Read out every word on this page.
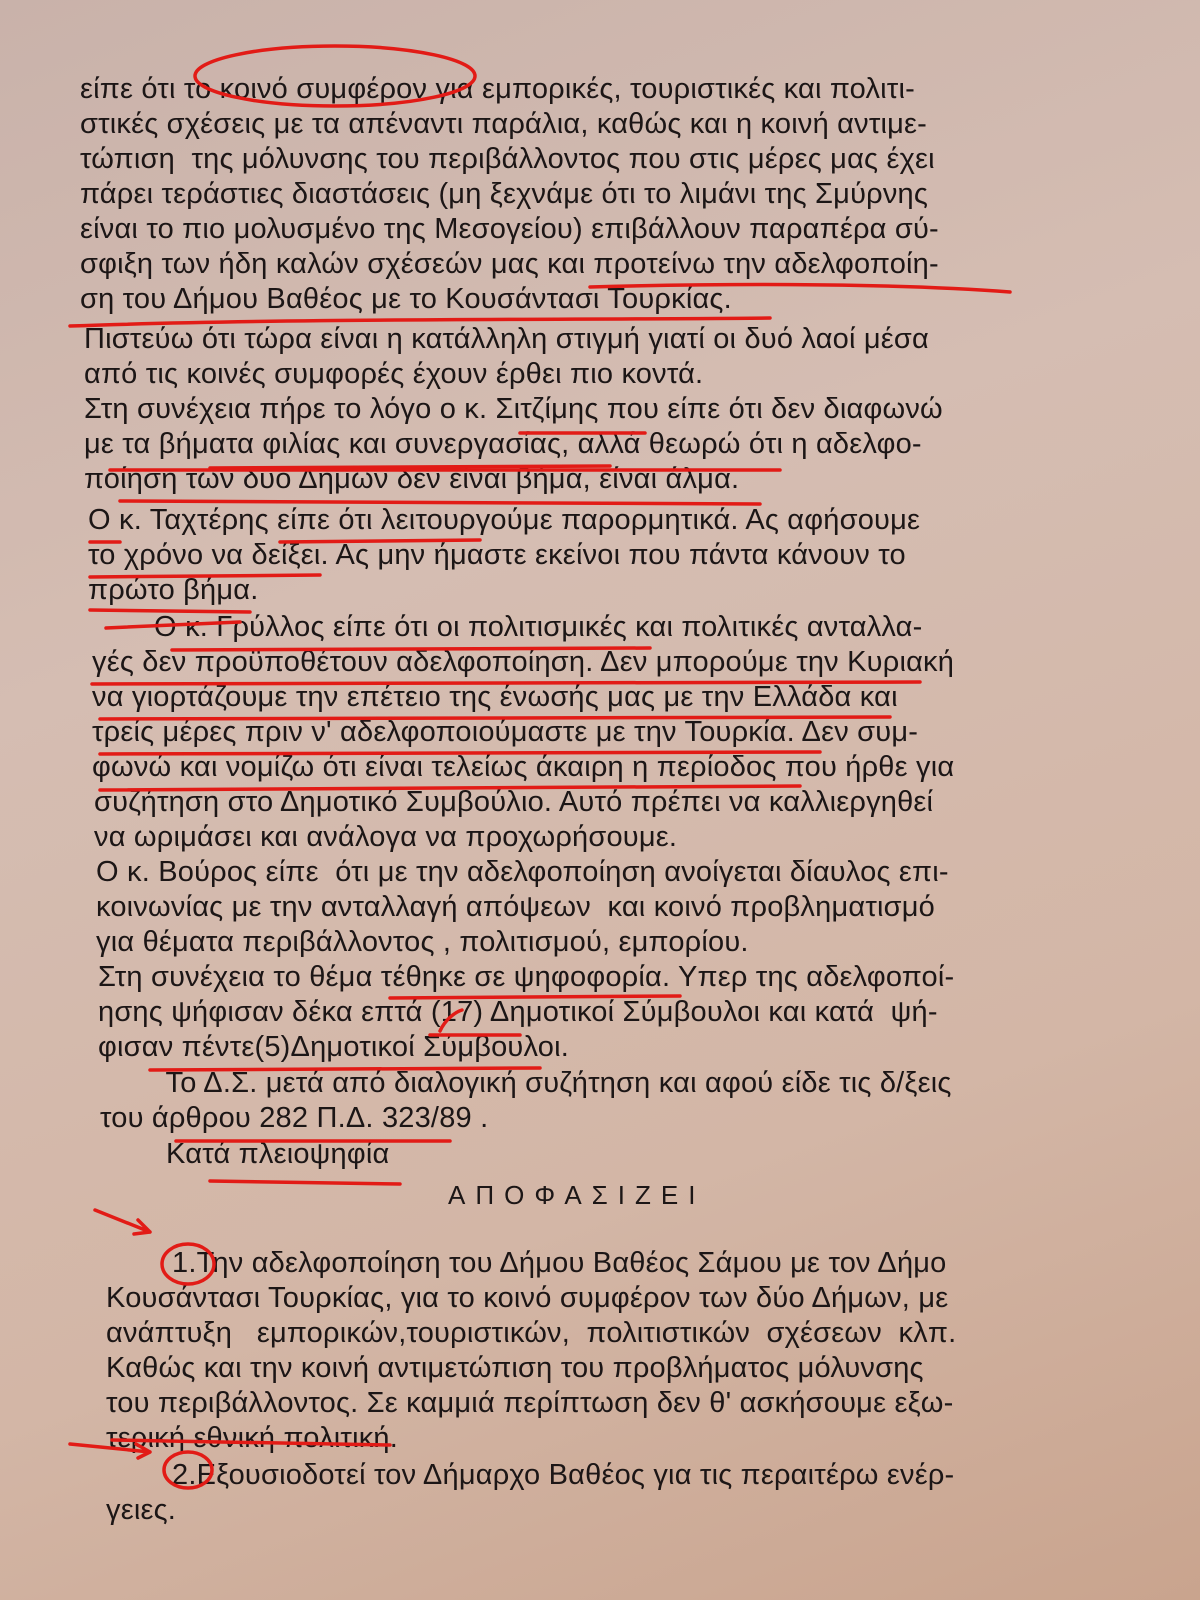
είπε ότι το κοινό συμφέρον για εμπορικές, τουριστικές και πολιτι-
στικές σχέσεις με τα απέναντι παράλια, καθώς και η κοινή αντιμε-
τώπιση  της μόλυνσης του περιβάλλοντος που στις μέρες μας έχει
πάρει τεράστιες διαστάσεις (μη ξεχνάμε ότι το λιμάνι της Σμύρνης
είναι το πιο μολυσμένο της Μεσογείου) επιβάλλουν παραπέρα σύ-
σφιξη των ήδη καλών σχέσεών μας και προτείνω την αδελφοποίη-
ση του Δήμου Βαθέος με το Κουσάντασι Τουρκίας.
Πιστεύω ότι τώρα είναι η κατάλληλη στιγμή γιατί οι δυό λαοί μέσα
από τις κοινές συμφορές έχουν έρθει πιο κοντά.
Στη συνέχεια πήρε το λόγο ο κ. Σιτζίμης που είπε ότι δεν διαφωνώ
με τα βήματα φιλίας και συνεργασίας, αλλά θεωρώ ότι η αδελφο-
ποίηση των δύο Δήμων δεν είναι βήμα, είναι άλμα.
Ο κ. Ταχτέρης είπε ότι λειτουργούμε παρορμητικά. Ας αφήσουμε
το χρόνο να δείξει. Ας μην ήμαστε εκείνοι που πάντα κάνουν το
πρώτο βήμα.
Ο κ. Γρύλλος είπε ότι οι πολιτισμικές και πολιτικές ανταλλα-
γές δεν προϋποθέτουν αδελφοποίηση. Δεν μπορούμε την Κυριακή
να γιορτάζουμε την επέτειο της ένωσής μας με την Ελλάδα και
τρείς μέρες πριν ν' αδελφοποιούμαστε με την Τουρκία. Δεν συμ-
φωνώ και νομίζω ότι είναι τελείως άκαιρη η περίοδος που ήρθε για
συζήτηση στο Δημοτικό Συμβούλιο. Αυτό πρέπει να καλλιεργηθεί
να ωριμάσει και ανάλογα να προχωρήσουμε.
Ο κ. Βούρος είπε  ότι με την αδελφοποίηση ανοίγεται δίαυλος επι-
κοινωνίας με την ανταλλαγή απόψεων  και κοινό προβληματισμό
για θέματα περιβάλλοντος , πολιτισμού, εμπορίου.
Στη συνέχεια το θέμα τέθηκε σε ψηφοφορία. Υπερ της αδελφοποί-
ησης ψήφισαν δέκα επτά (17) Δημοτικοί Σύμβουλοι και κατά  ψή-
φισαν πέντε(5)Δημοτικοί Σύμβουλοι.
Το Δ.Σ. μετά από διαλογική συζήτηση και αφού είδε τις δ/ξεις
του άρθρου 282 Π.Δ. 323/89 .
Κατά πλειοψηφία
ΑΠΟΦΑΣΙΖΕΙ
1.Την αδελφοποίηση του Δήμου Βαθέος Σάμου με τον Δήμο
Κουσάντασι Τουρκίας, για το κοινό συμφέρον των δύο Δήμων, με
ανάπτυξη   εμπορικών,τουριστικών,  πολιτιστικών  σχέσεων  κλπ.
Καθώς και την κοινή αντιμετώπιση του προβλήματος μόλυνσης
του περιβάλλοντος. Σε καμμιά περίπτωση δεν θ' ασκήσουμε εξω-
τερική εθνική πολιτική.
2.Εξουσιοδοτεί τον Δήμαρχο Βαθέος για τις περαιτέρω ενέρ-
γειες.
